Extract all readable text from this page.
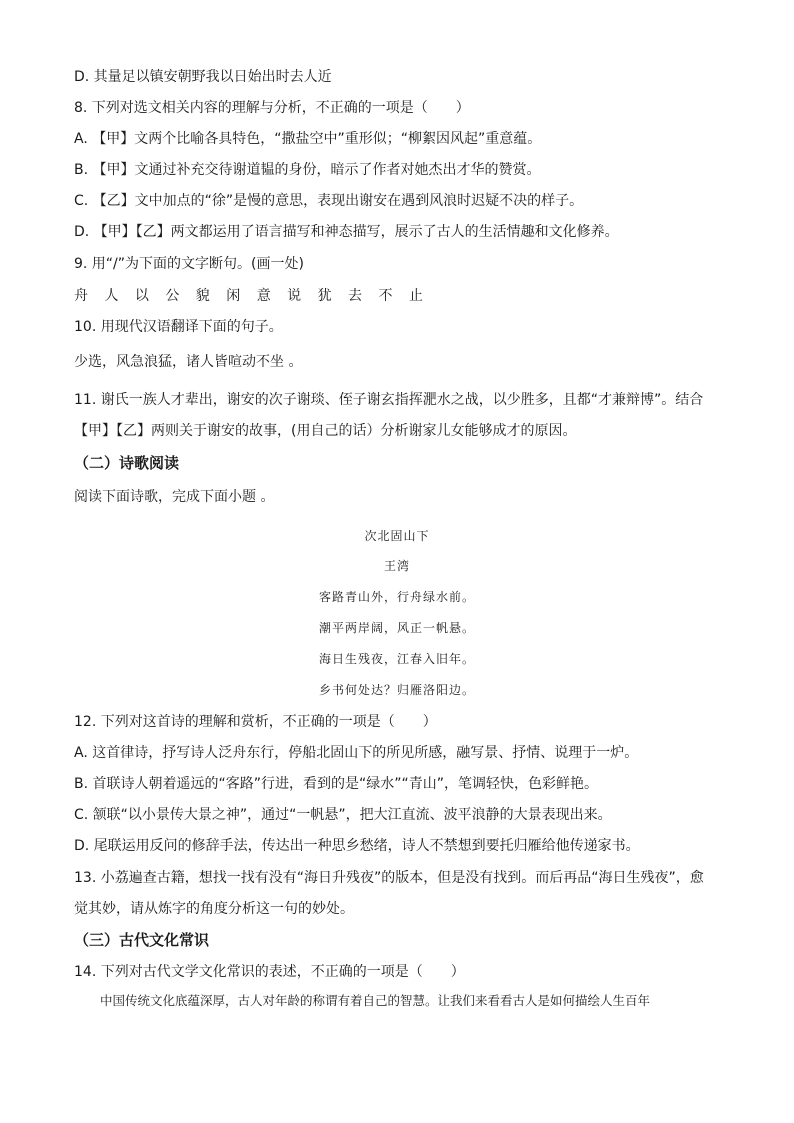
D. 其量足以镇安朝野我以日始出时去人近
8. 下列对选文相关内容的理解与分析，不正确的一项是（　　）
A. 【甲】文两个比喻各具特色，“撒盐空中”重形似；“柳絮因风起”重意蕴。
B. 【甲】文通过补充交待谢道韫的身份，暗示了作者对她杰出才华的赞赏。
C. 【乙】文中加点的“徐”是慢的意思，表现出谢安在遇到风浪时迟疑不决的样子。
D. 【甲】【乙】两文都运用了语言描写和神态描写，展示了古人的生活情趣和文化修养。
9. 用“/”为下面的文字断句。(画一处)
舟 人 以 公 貌 闲 意 说 犹 去 不 止
10. 用现代汉语翻译下面的句子。
少选，风急浪猛，诸人皆喧动不坐 。
11. 谢氏一族人才辈出，谢安的次子谢琰、侄子谢玄指挥淝水之战，以少胜多，且都“才兼辩博”。结合
【甲】【乙】两则关于谢安的故事，(用自己的话）分析谢家儿女能够成才的原因。
（二）诗歌阅读
阅读下面诗歌，完成下面小题 。
次北固山下
王湾
客路青山外，行舟绿水前。
潮平两岸阔，风正一帆悬。
海日生残夜，江春入旧年。
乡书何处达？归雁洛阳边。
12. 下列对这首诗的理解和赏析，不正确的一项是（　　）
A. 这首律诗，抒写诗人泛舟东行，停船北固山下的所见所感，融写景、抒情、说理于一炉。
B. 首联诗人朝着遥远的“客路”行进，看到的是“绿水”“青山”，笔调轻快，色彩鲜艳。
C. 颔联“以小景传大景之神”，通过“一帆悬”，把大江直流、波平浪静的大景表现出来。
D. 尾联运用反问的修辞手法，传达出一种思乡愁绪，诗人不禁想到要托归雁给他传递家书。
13. 小荔遍查古籍，想找一找有没有“海日升残夜”的版本，但是没有找到。而后再品“海日生残夜”，愈
觉其妙，请从炼字的角度分析这一句的妙处。
（三）古代文化常识
14. 下列对古代文学文化常识的表述，不正确的一项是（　　）
中国传统文化底蕴深厚，古人对年龄的称谓有着自己的智慧。让我们来看看古人是如何描绘人生百年
